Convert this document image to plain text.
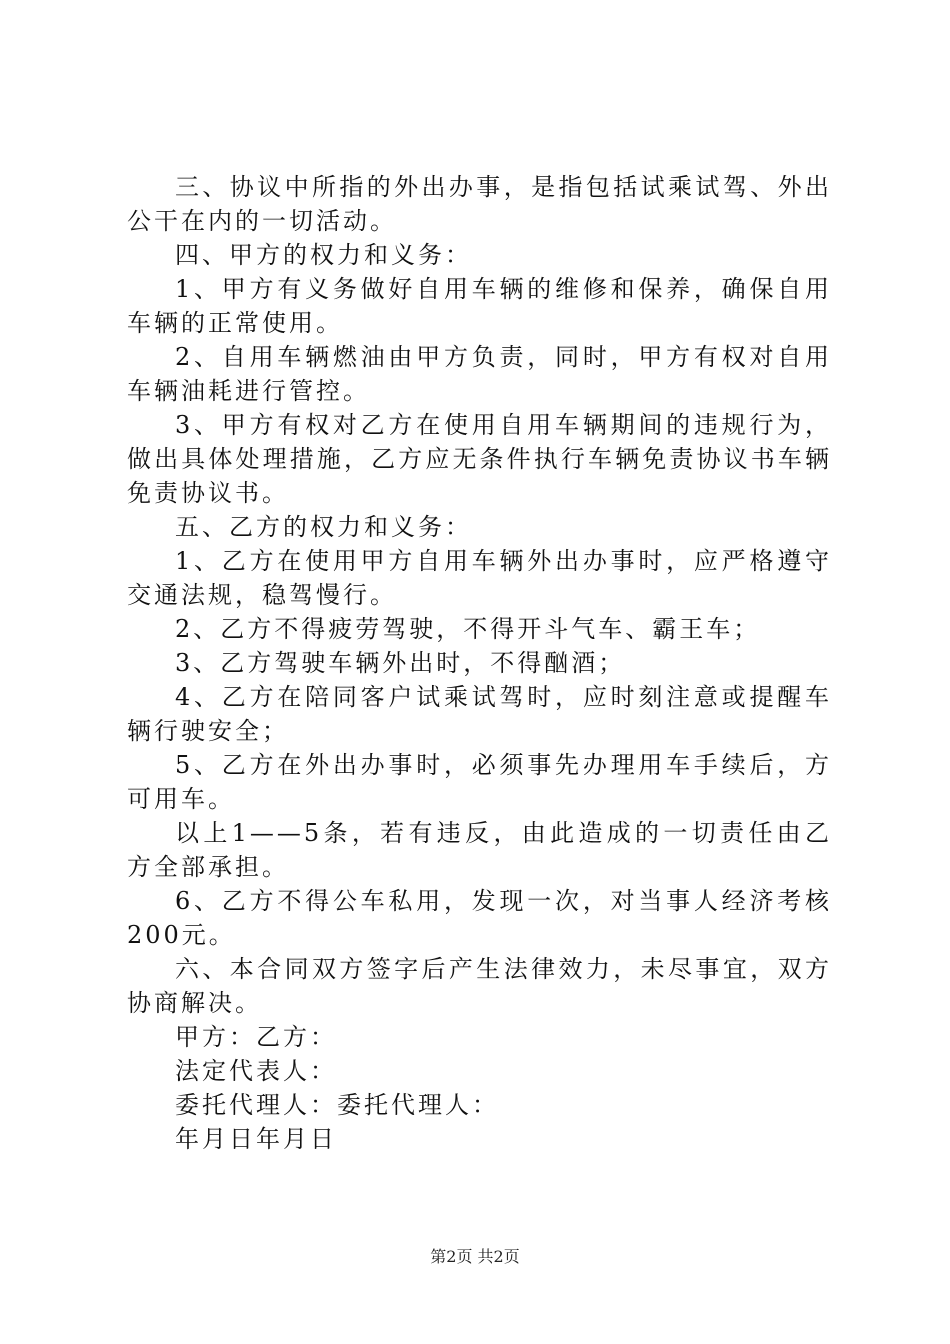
三、协议中所指的外出办事，是指包括试乘试驾、外出公干在内的一切活动。

四、甲方的权力和义务：

1、甲方有义务做好自用车辆的维修和保养，确保自用车辆的正常使用。

2、自用车辆燃油由甲方负责，同时，甲方有权对自用车辆油耗进行管控。

3、甲方有权对乙方在使用自用车辆期间的违规行为，做出具体处理措施，乙方应无条件执行车辆免责协议书车辆免责协议书。

五、乙方的权力和义务：

1、乙方在使用甲方自用车辆外出办事时，应严格遵守交通法规，稳驾慢行。

2、乙方不得疲劳驾驶，不得开斗气车、霸王车；

3、乙方驾驶车辆外出时，不得酗酒；

4、乙方在陪同客户试乘试驾时，应时刻注意或提醒车辆行驶安全；

5、乙方在外出办事时，必须事先办理用车手续后，方可用车。

以上1——5条，若有违反，由此造成的一切责任由乙方全部承担。

6、乙方不得公车私用，发现一次，对当事人经济考核200元。

六、本合同双方签字后产生法律效力，未尽事宜，双方协商解决。

甲方：乙方：

法定代表人：

委托代理人：委托代理人：

年月日年月日

第2页 共2页
